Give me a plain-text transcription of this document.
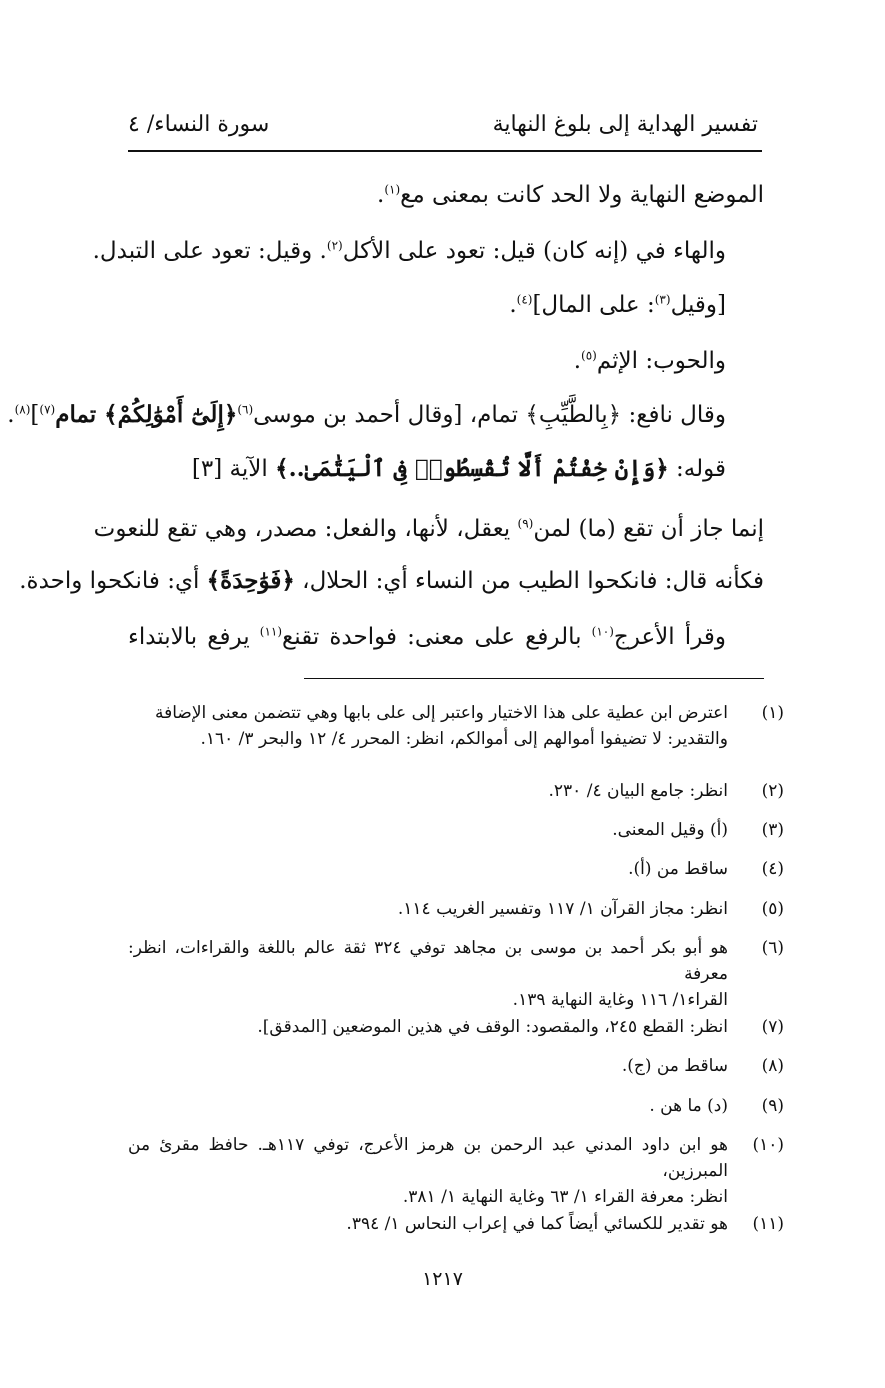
تفسير الهداية إلى بلوغ النهاية
سورة النساء/ ٤
الموضع النهاية ولا الحد كانت بمعنى مع$^{(١)}$.
والهاء في (إنه كان) قيل: تعود على الأكل$^{(٢)}$. وقيل: تعود على التبدل.
[وقيل$^{(٣)}$: على المال]$^{(٤)}$.
والحوب: الإثم$^{(٥)}$.
وقال نافع: ﴿بِالطَّيِّبِ﴾ تمام، [وقال أحمد بن موسى$^{(٦)}$﴿إِلَىٰٓ أَمْوَٰلِكُمْ﴾ تمام$^{(٧)}$]$^{(٨)}$.
قوله: ﴿وَإِنْ خِفْتُمْ أَلَّا تُقْسِطُوا۟ فِى ٱلْيَتَٰمَىٰ..﴾ الآية [٣]
إنما جاز أن تقع (ما) لمن$^{(٩)}$ يعقل، لأنها، والفعل: مصدر، وهي تقع للنعوت
فكأنه قال: فانكحوا الطيب من النساء أي: الحلال، ﴿فَوَٰحِدَةً﴾ أي: فانكحوا واحدة.
وقرأ الأعرج$^{(١٠)}$ بالرفع على معنى: فواحدة تقنع$^{(١١)}$ يرفع بالابتداء
(١)
اعترض ابن عطية على هذا الاختيار واعتبر إلى على بابها وهي تتضمن معنى الإضافة
والتقدير: لا تضيفوا أموالهم إلى أموالكم، انظر: المحرر ٤/ ١٢ والبحر ٣/ ١٦٠.
(٢)
انظر: جامع البيان ٤/ ٢٣٠.
(٣)
(أ) وقيل المعنى.
(٤)
ساقط من (أ).
(٥)
انظر: مجاز القرآن ١/ ١١٧ وتفسير الغريب ١١٤.
(٦)
هو أبو بكر أحمد بن موسى بن مجاهد توفي ٣٢٤ ثقة عالم باللغة والقراءات، انظر: معرفة
القراء١/ ١١٦ وغاية النهاية ١٣٩.
(٧)
انظر: القطع ٢٤٥، والمقصود: الوقف في هذين الموضعين [المدقق].
(٨)
ساقط من (ج).
(٩)
(د) ما هن .
(١٠)
هو ابن داود المدني عبد الرحمن بن هرمز الأعرج، توفي ١١٧هـ. حافظ مقرئ من المبرزين،
انظر: معرفة القراء ١/ ٦٣ وغاية النهاية ١/ ٣٨١.
(١١)
هو تقدير للكسائي أيضاً كما في إعراب النحاس ١/ ٣٩٤.
١٢١٧
